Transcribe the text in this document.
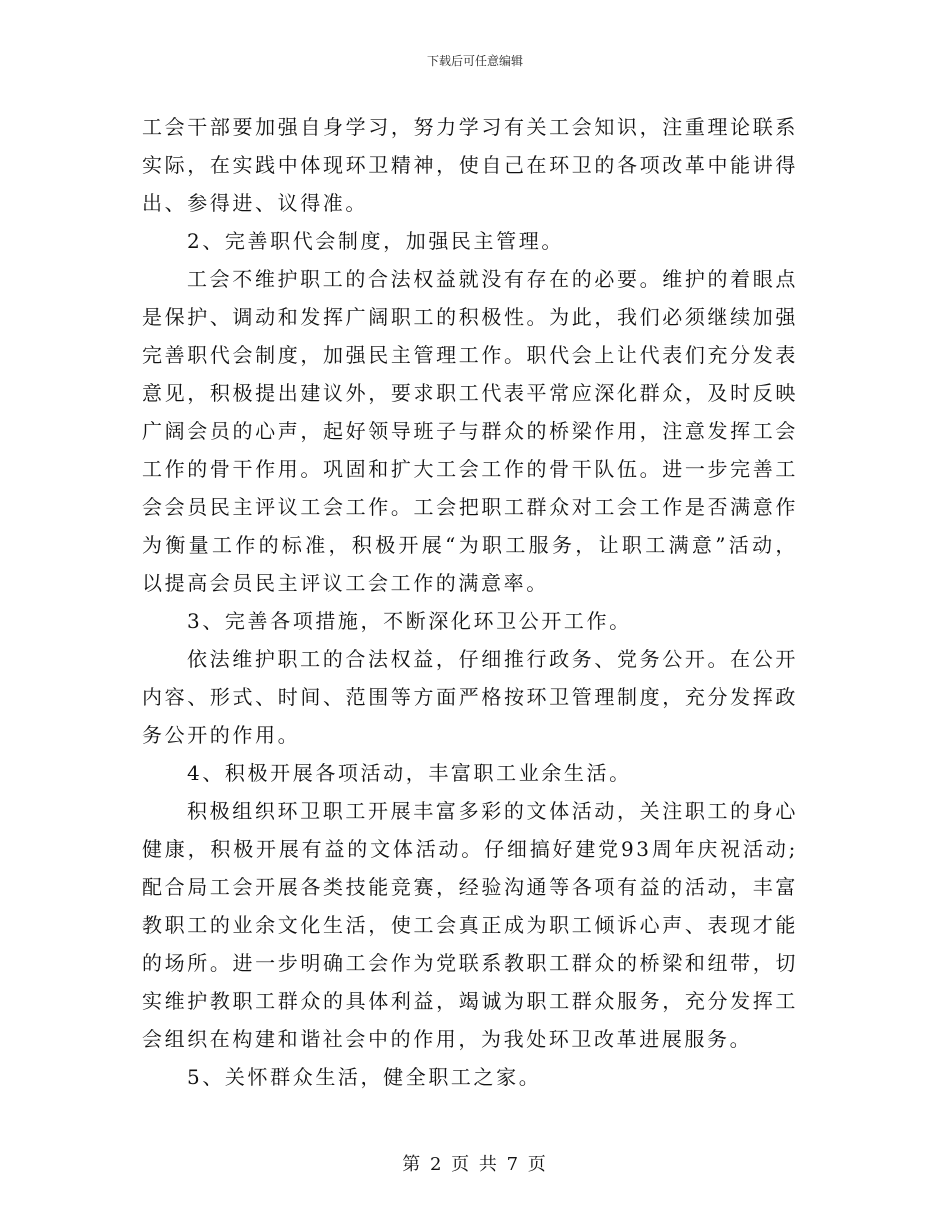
下载后可任意编辑

工会干部要加强自身学习，努力学习有关工会知识，注重理论联系实际，在实践中体现环卫精神，使自己在环卫的各项改革中能讲得出、参得进、议得准。

2、完善职代会制度，加强民主管理。

工会不维护职工的合法权益就没有存在的必要。维护的着眼点是保护、调动和发挥广阔职工的积极性。为此，我们必须继续加强完善职代会制度，加强民主管理工作。职代会上让代表们充分发表意见，积极提出建议外，要求职工代表平常应深化群众，及时反映广阔会员的心声，起好领导班子与群众的桥梁作用，注意发挥工会工作的骨干作用。巩固和扩大工会工作的骨干队伍。进一步完善工会会员民主评议工会工作。工会把职工群众对工会工作是否满意作为衡量工作的标准，积极开展“为职工服务，让职工满意”活动，以提高会员民主评议工会工作的满意率。

3、完善各项措施，不断深化环卫公开工作。

依法维护职工的合法权益，仔细推行政务、党务公开。在公开内容、形式、时间、范围等方面严格按环卫管理制度，充分发挥政务公开的作用。

4、积极开展各项活动，丰富职工业余生活。

积极组织环卫职工开展丰富多彩的文体活动，关注职工的身心健康，积极开展有益的文体活动。仔细搞好建党93周年庆祝活动;配合局工会开展各类技能竞赛，经验沟通等各项有益的活动，丰富教职工的业余文化生活，使工会真正成为职工倾诉心声、表现才能的场所。进一步明确工会作为党联系教职工群众的桥梁和纽带，切实维护教职工群众的具体利益，竭诚为职工群众服务，充分发挥工会组织在构建和谐社会中的作用，为我处环卫改革进展服务。

5、关怀群众生活，健全职工之家。

第 2 页 共 7 页
